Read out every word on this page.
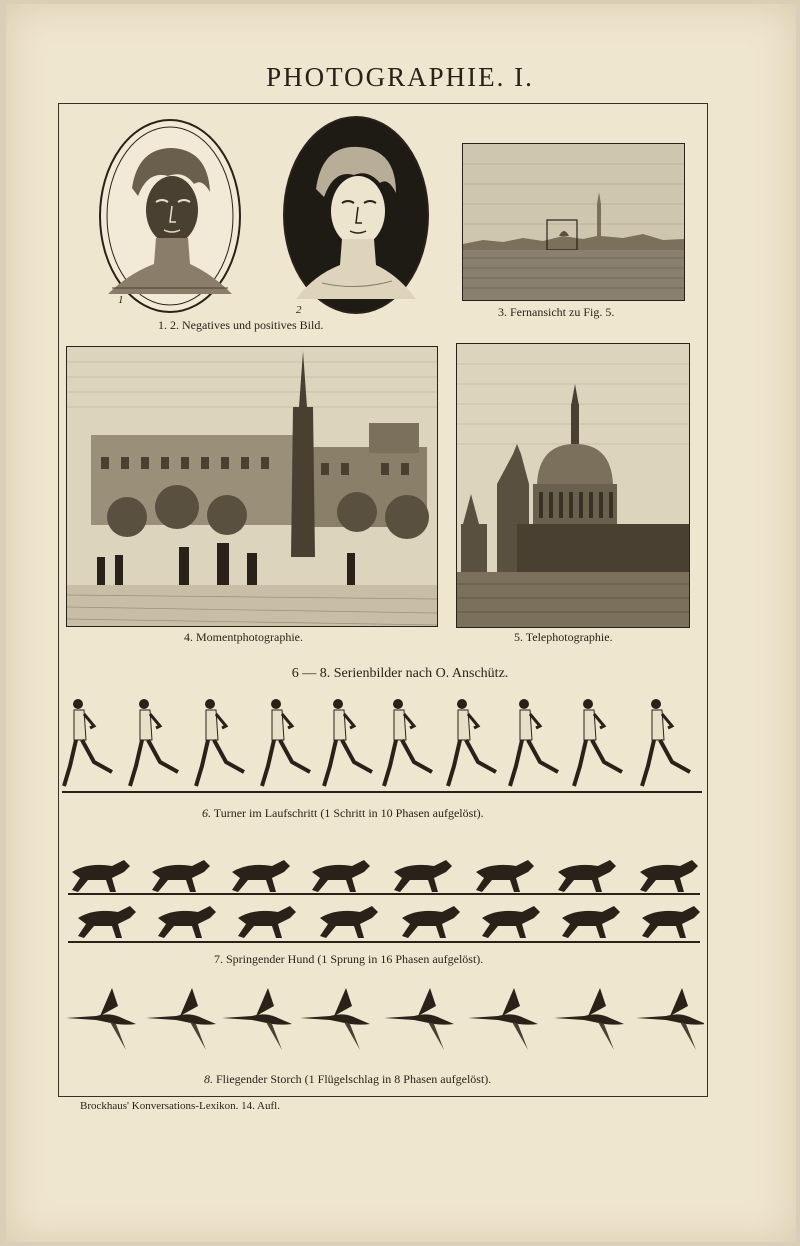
PHOTOGRAPHIE. I.
1
2
1. 2. Negatives und positives Bild.
3. Fernansicht zu Fig. 5.
4. Momentphotographie.	5. Telephotographie.
6 — 8. Serienbilder nach O. Anschütz.
6. Turner im Laufschritt (1 Schritt in 10 Phasen aufgelöst).
7. Springender Hund (1 Sprung in 16 Phasen aufgelöst).
8. Fliegender Storch (1 Flügelschlag in 8 Phasen aufgelöst).
Brockhaus' Konversations-Lexikon. 14. Aufl.
